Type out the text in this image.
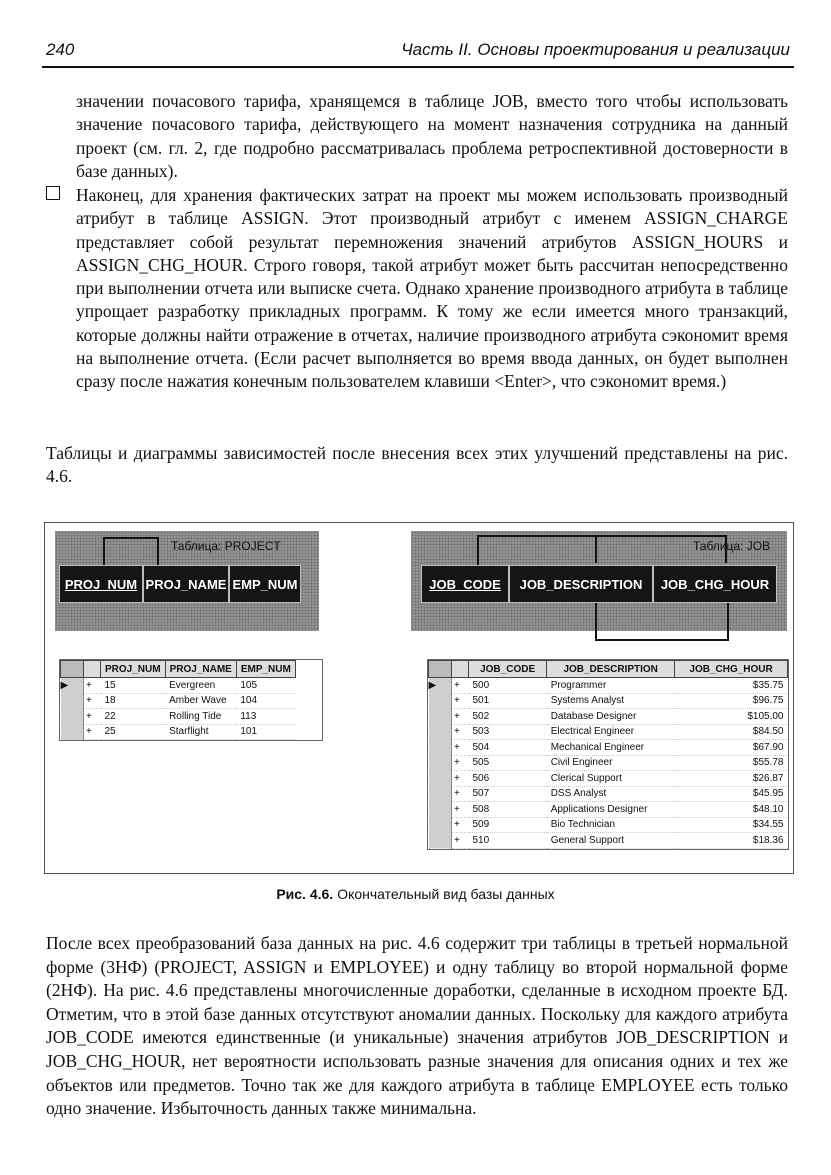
240	Часть II. Основы проектирования и реализации

значении почасового тарифа, хранящемся в таблице JOB, вместо того чтобы использовать значение почасового тарифа, действующего на момент назначения сотрудника на данный проект (см. гл. 2, где подробно рассматривалась проблема ретроспективной достоверности в базе данных).

Наконец, для хранения фактических затрат на проект мы можем использовать производный атрибут в таблице ASSIGN. Этот производный атрибут с именем ASSIGN_CHARGE представляет собой результат перемножения значений атрибутов ASSIGN_HOURS и ASSIGN_CHG_HOUR. Строго говоря, такой атрибут может быть рассчитан непосредственно при выполнении отчета или выписке счета. Однако хранение производного атрибута в таблице упрощает разработку прикладных программ. К тому же если имеется много транзакций, которые должны найти отражение в отчетах, наличие производного атрибута сэкономит время на выполнение отчета. (Если расчет выполняется во время ввода данных, он будет выполнен сразу после нажатия конечным пользователем клавиши <Enter>, что сэкономит время.)

Таблицы и диаграммы зависимостей после внесения всех этих улучшений представлены на рис. 4.6.

Таблица: PROJECT
PROJ_NUM PROJ_NAME EMP_NUM
Таблица: JOB
JOB_CODE	JOB_DESCRIPTION	JOB_CHG_HOUR
		PROJ_NUM	PROJ_NAME	EMP_NUM
▶	+	15	Evergreen	105
	+	18	Amber Wave	104
	+	22	Rolling Tide	113
	+	25	Starflight	101
		JOB_CODE	JOB_DESCRIPTION	JOB_CHG_HOUR
▶	+	500	Programmer	$35.75
	+	501	Systems Analyst	$96.75
	+	502	Database Designer	$105.00
	+	503	Electrical Engineer	$84.50
	+	504	Mechanical Engineer	$67.90
	+	505	Civil Engineer	$55.78
	+	506	Clerical Support	$26.87
	+	507	DSS Analyst	$45.95
	+	508	Applications Designer	$48.10
	+	509	Bio Technician	$34.55
	+	510	General Support	$18.36
Рис. 4.6. Окончательный вид базы данных

После всех преобразований база данных на рис. 4.6 содержит три таблицы в третьей нормальной форме (3НФ) (PROJECT, ASSIGN и EMPLOYEE) и одну таблицу во второй нормальной форме (2НФ). На рис. 4.6 представлены многочисленные доработки, сделанные в исходном проекте БД. Отметим, что в этой базе данных отсутствуют аномалии данных. Поскольку для каждого атрибута JOB_CODE имеются единственные (и уникальные) значения атрибутов JOB_DESCRIPTION и JOB_CHG_HOUR, нет вероятности использовать разные значения для описания одних и тех же объектов или предметов. Точно так же для каждого атрибута в таблице EMPLOYEE есть только одно значение. Избыточность данных также минимальна.
